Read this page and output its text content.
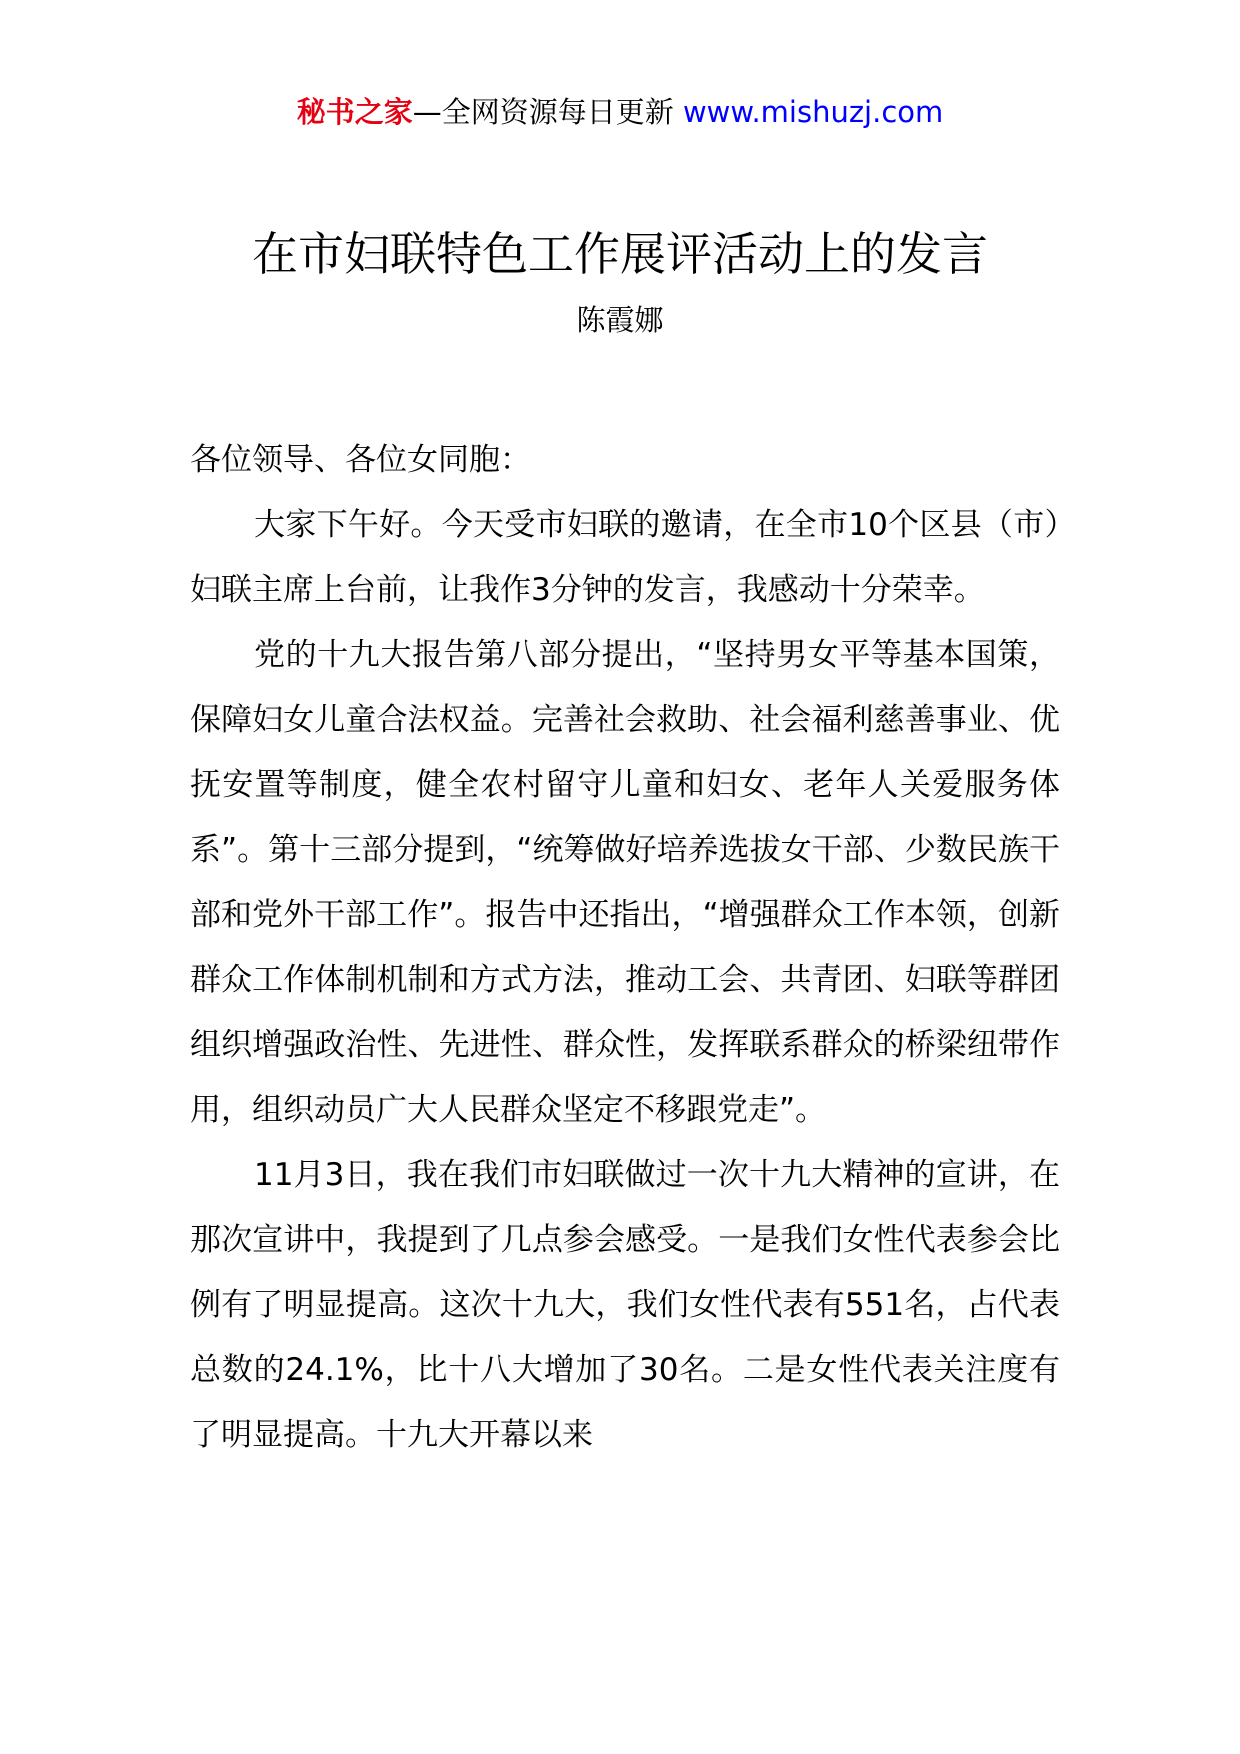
秘书之家—全网资源每日更新 www.mishuzj.com
在市妇联特色工作展评活动上的发言
陈霞娜

各位领导、各位女同胞：

大家下午好。今天受市妇联的邀请，在全市10个区县（市）妇联主席上台前，让我作3分钟的发言，我感动十分荣幸。

党的十九大报告第八部分提出，“坚持男女平等基本国策，保障妇女儿童合法权益。完善社会救助、社会福利慈善事业、优抚安置等制度，健全农村留守儿童和妇女、老年人关爱服务体系”。第十三部分提到，“统筹做好培养选拔女干部、少数民族干部和党外干部工作”。报告中还指出，“增强群众工作本领，创新群众工作体制机制和方式方法，推动工会、共青团、妇联等群团组织增强政治性、先进性、群众性，发挥联系群众的桥梁纽带作用，组织动员广大人民群众坚定不移跟党走”。

11月3日，我在我们市妇联做过一次十九大精神的宣讲，在那次宣讲中，我提到了几点参会感受。一是我们女性代表参会比例有了明显提高。这次十九大，我们女性代表有551名，占代表总数的24.1%，比十八大增加了30名。二是女性代表关注度有了明显提高。十九大开幕以来
